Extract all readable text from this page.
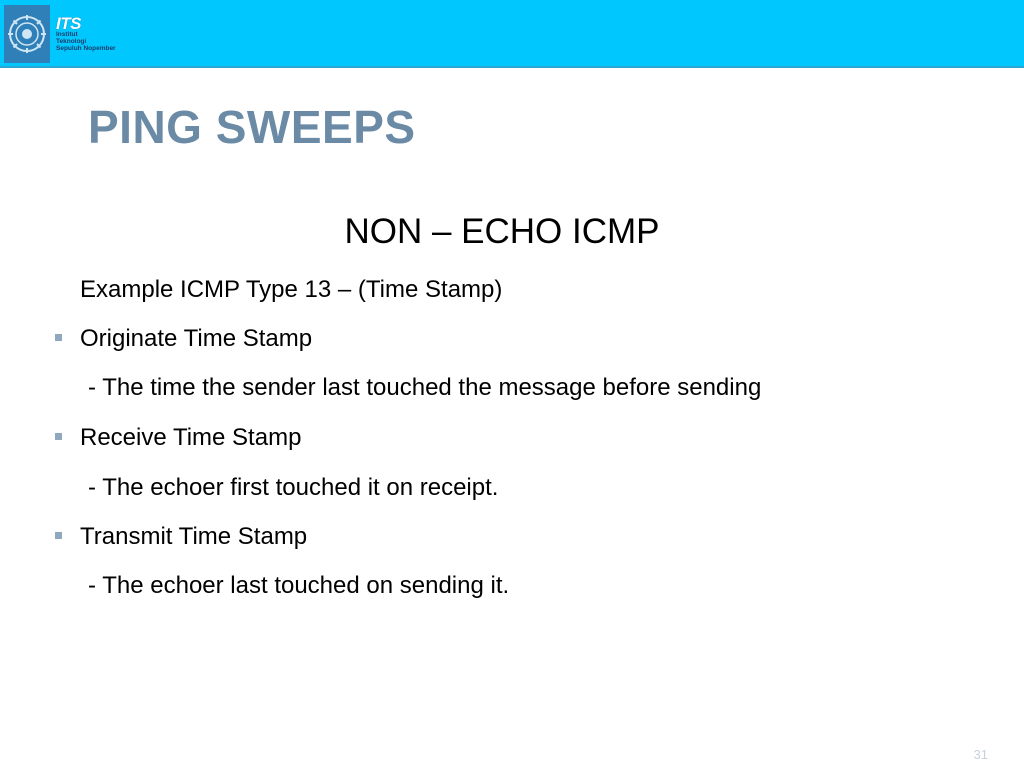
ITS
Institut
Teknologi
Sepuluh Nopember
PING SWEEPS
NON – ECHO ICMP
Example ICMP Type 13 – (Time Stamp)
Originate Time Stamp
- The time the sender last touched the message before sending
Receive Time Stamp
- The echoer first touched it on receipt.
Transmit Time Stamp
- The echoer last touched on sending it.
31
